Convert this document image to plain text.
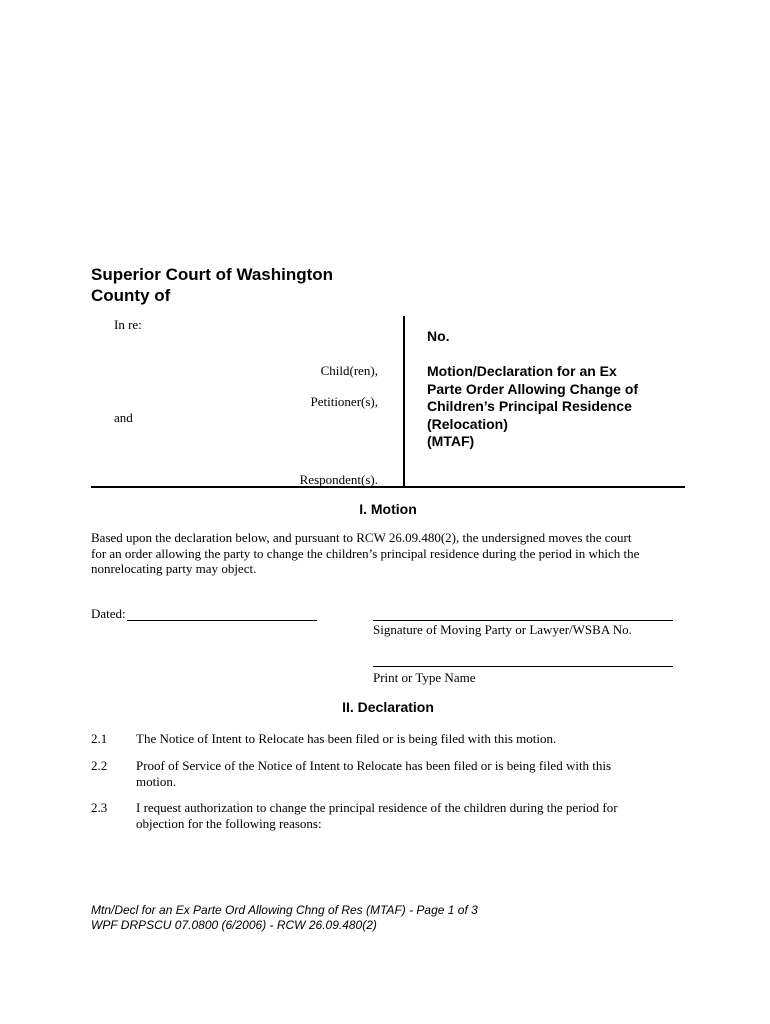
Superior Court of Washington
County of
In re:
Child(ren),
Petitioner(s),
and
Respondent(s).
No.
Motion/Declaration for an Ex
Parte Order Allowing Change of
Children’s Principal Residence
(Relocation)
(MTAF)
I. Motion
Based upon the declaration below, and pursuant to RCW 26.09.480(2), the undersigned moves the court
for an order allowing the party to change the children’s principal residence during the period in which the
nonrelocating party may object.
Dated:
Signature of Moving Party or Lawyer/WSBA No.
Print or Type Name
II. Declaration
2.1 The Notice of Intent to Relocate has been filed or is being filed with this motion.
2.2 Proof of Service of the Notice of Intent to Relocate has been filed or is being filed with this
motion.
2.3 I request authorization to change the principal residence of the children during the period for
objection for the following reasons:
Mtn/Decl for an Ex Parte Ord Allowing Chng of Res (MTAF) - Page 1 of 3
WPF DRPSCU 07.0800 (6/2006) - RCW 26.09.480(2)
